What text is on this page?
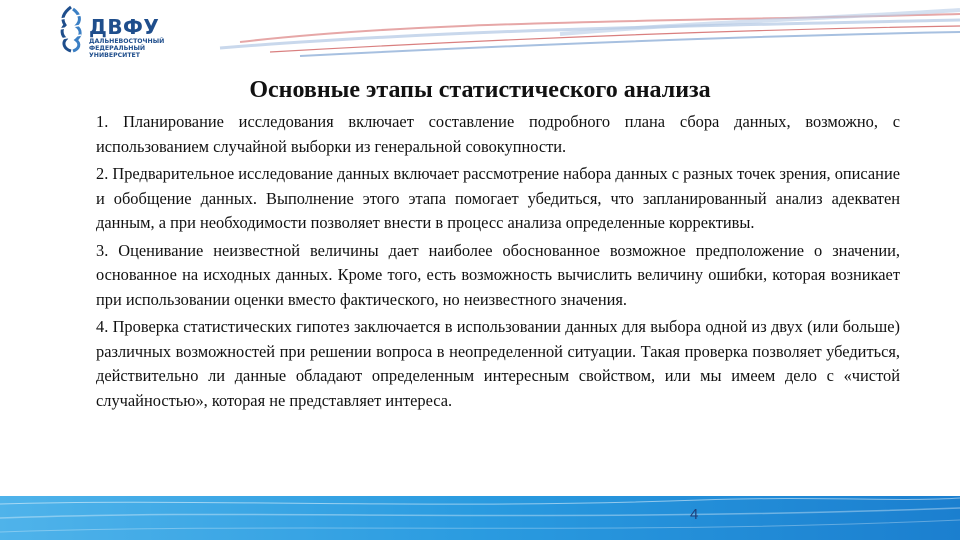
ДВФУ
ДАЛЬНЕВОСТОЧНЫЙ
ФЕДЕРАЛЬНЫЙ
УНИВЕРСИТЕТ
Основные этапы статистического анализа

1. Планирование исследования включает составление подробного плана сбора данных, возможно, с использованием случайной выборки из генеральной совокупности.

2. Предварительное исследование данных включает рассмотрение набора данных с разных точек зрения, описание и обобщение данных. Выполнение этого этапа помогает убедиться, что запланированный анализ адекватен данным, а при необходимости позволяет внести в процесс анализа определенные коррективы.

3. Оценивание неизвестной величины дает наиболее обоснованное возможное предположение о значении, основанное на исходных данных. Кроме того, есть возможность вычислить величину ошибки, которая возникает при использовании оценки вместо фактического, но неизвестного значения.

4. Проверка статистических гипотез заключается в использовании данных для выбора одной из двух (или больше) различных возможностей при решении вопроса в неопределенной ситуации. Такая проверка позволяет убедиться, действительно ли данные обладают определенным интересным свойством, или мы имеем дело с «чистой случайностью», которая не представляет интереса.

4
